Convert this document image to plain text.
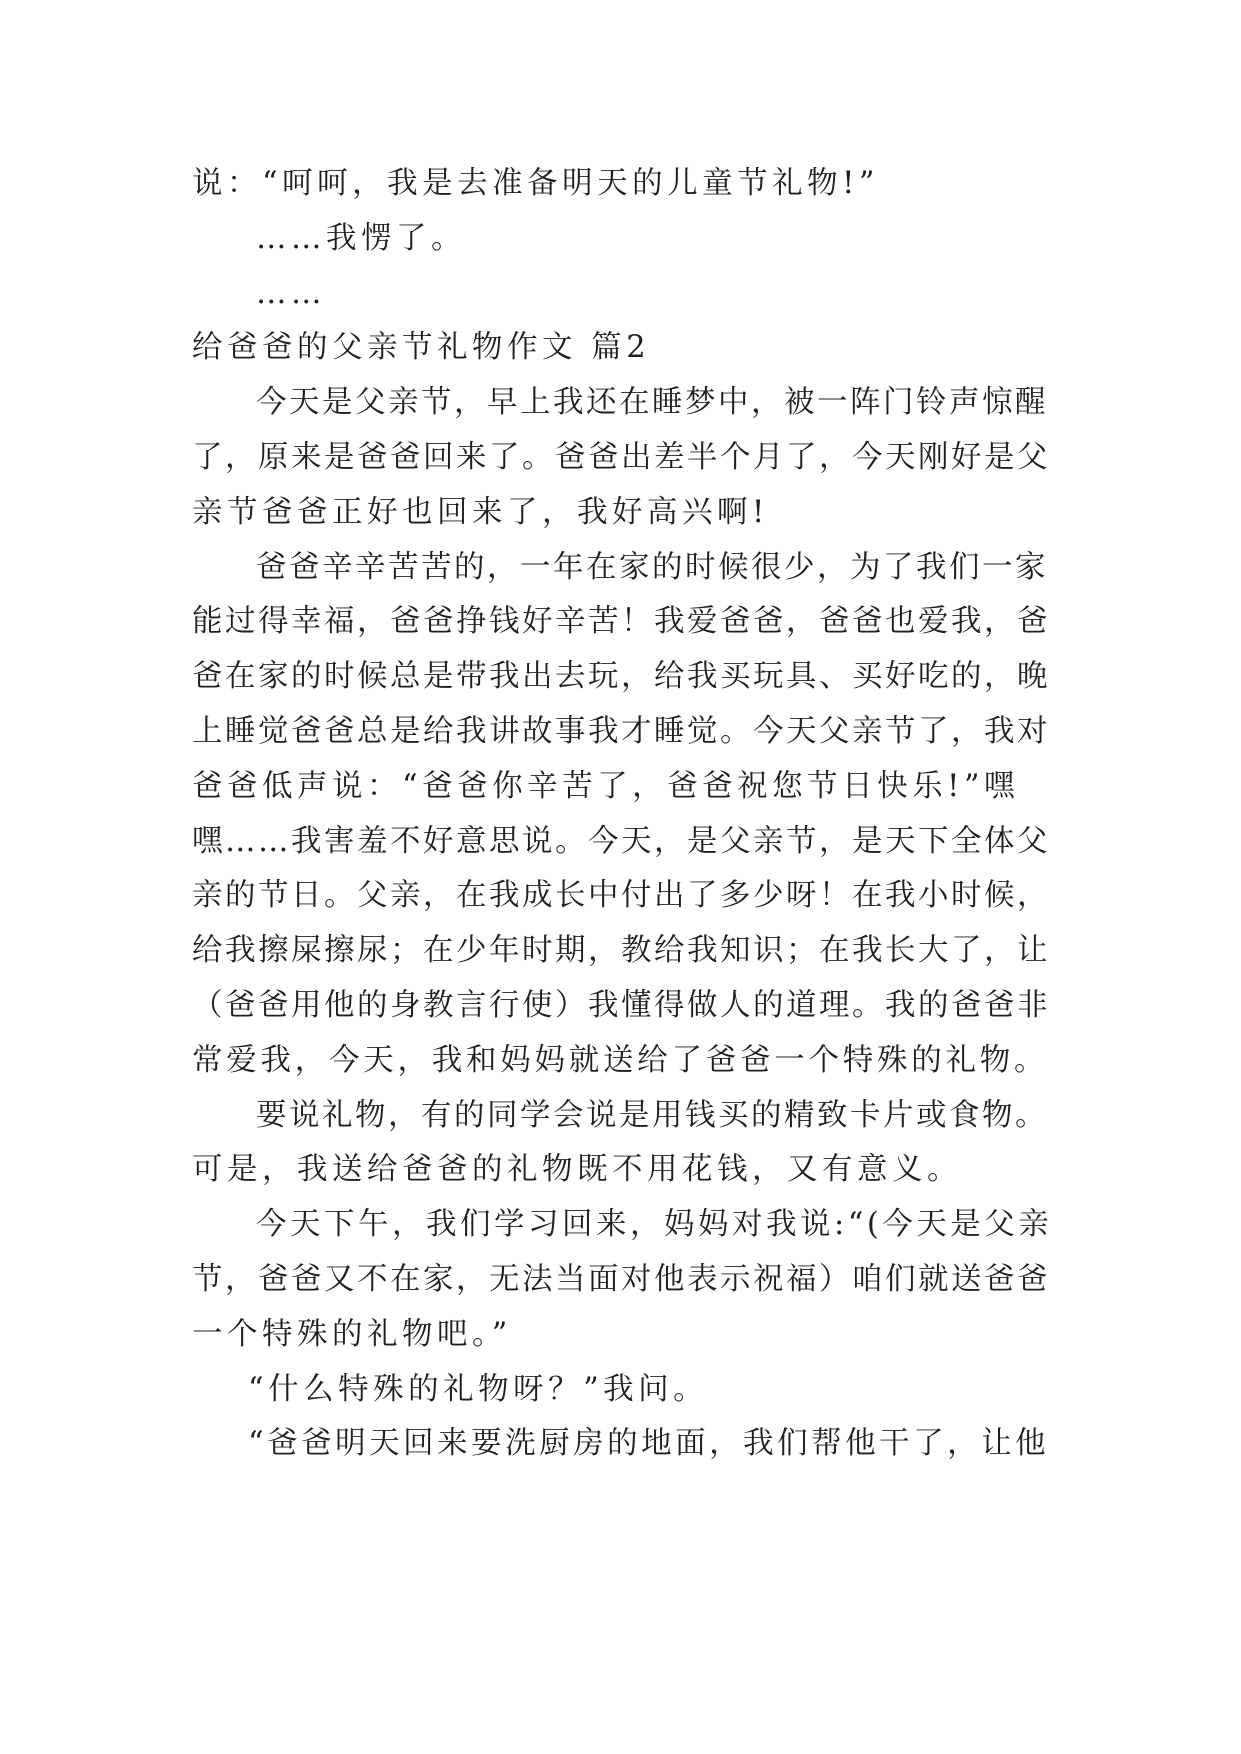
说：“呵呵，我是去准备明天的儿童节礼物!”
……我愣了。
……
给爸爸的父亲节礼物作文 篇2
今天是父亲节，早上我还在睡梦中，被一阵门铃声惊醒
了，原来是爸爸回来了。爸爸出差半个月了，今天刚好是父
亲节爸爸正好也回来了，我好高兴啊!
爸爸辛辛苦苦的，一年在家的时候很少，为了我们一家
能过得幸福，爸爸挣钱好辛苦！我爱爸爸，爸爸也爱我，爸
爸在家的时候总是带我出去玩，给我买玩具、买好吃的，晚
上睡觉爸爸总是给我讲故事我才睡觉。今天父亲节了，我对
爸爸低声说：“爸爸你辛苦了，爸爸祝您节日快乐!”嘿
嘿……我害羞不好意思说。今天，是父亲节，是天下全体父
亲的节日。父亲，在我成长中付出了多少呀！在我小时候，
给我擦屎擦尿；在少年时期，教给我知识；在我长大了，让
（爸爸用他的身教言行使）我懂得做人的道理。我的爸爸非
常爱我，今天，我和妈妈就送给了爸爸一个特殊的礼物。
要说礼物，有的同学会说是用钱买的精致卡片或食物。
可是，我送给爸爸的礼物既不用花钱，又有意义。
今天下午，我们学习回来，妈妈对我说:“(今天是父亲
节，爸爸又不在家，无法当面对他表示祝福）咱们就送爸爸
一个特殊的礼物吧。”
“什么特殊的礼物呀？”我问。
“爸爸明天回来要洗厨房的地面，我们帮他干了，让他
